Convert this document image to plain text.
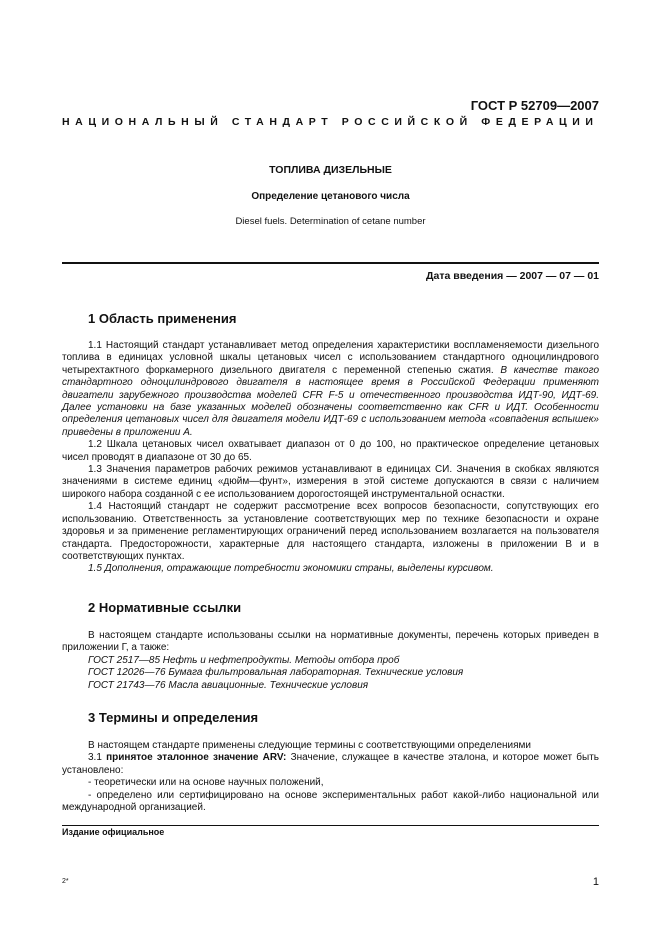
ГОСТ Р 52709—2007
НАЦИОНАЛЬНЫЙ СТАНДАРТ РОССИЙСКОЙ ФЕДЕРАЦИИ
ТОПЛИВА ДИЗЕЛЬНЫЕ
Определение цетанового числа
Diesel fuels. Determination of cetane number
Дата введения — 2007 — 07 — 01
1 Область применения

1.1 Настоящий стандарт устанавливает метод определения характеристики воспламеняемости дизельного топлива в единицах условной шкалы цетановых чисел с использованием стандартного одноцилиндрового четырехтактного форкамерного дизельного двигателя с переменной степенью сжатия. В качестве такого стандартного одноцилиндрового двигателя в настоящее время в Российской Федерации применяют двигатели зарубежного производства моделей CFR F-5 и отечественного производства ИДТ-90, ИДТ-69. Далее установки на базе указанных моделей обозначены соответственно как CFR и ИДТ. Особенности определения цетановых чисел для двигателя модели ИДТ-69 с использованием метода «совпадения вспышек» приведены в приложении А.

1.2 Шкала цетановых чисел охватывает диапазон от 0 до 100, но практическое определение цетановых чисел проводят в диапазоне от 30 до 65.

1.3 Значения параметров рабочих режимов устанавливают в единицах СИ. Значения в скобках являются значениями в системе единиц «дюйм—фунт», измерения в этой системе допускаются в связи с наличием широкого набора созданной с ее использованием дорогостоящей инструментальной оснастки.

1.4 Настоящий стандарт не содержит рассмотрение всех вопросов безопасности, сопутствующих его использованию. Ответственность за установление соответствующих мер по технике безопасности и охране здоровья и за применение регламентирующих ограничений перед использованием возлагается на пользователя стандарта. Предосторожности, характерные для настоящего стандарта, изложены в приложении В и в соответствующих пунктах.

1.5 Дополнения, отражающие потребности экономики страны, выделены курсивом.

2 Нормативные ссылки

В настоящем стандарте использованы ссылки на нормативные документы, перечень которых приведен в приложении Г, а также:

ГОСТ 2517—85 Нефть и нефтепродукты. Методы отбора проб

ГОСТ 12026—76 Бумага фильтровальная лабораторная. Технические условия

ГОСТ 21743—76 Масла авиационные. Технические условия

3 Термины и определения

В настоящем стандарте применены следующие термины с соответствующими определениями

3.1 принятое эталонное значение ARV: Значение, служащее в качестве эталона, и которое может быть установлено:

- теоретически или на основе научных положений,

- определено или сертифицировано на основе экспериментальных работ какой-либо национальной или международной организацией.

Издание официальное
2*	1
